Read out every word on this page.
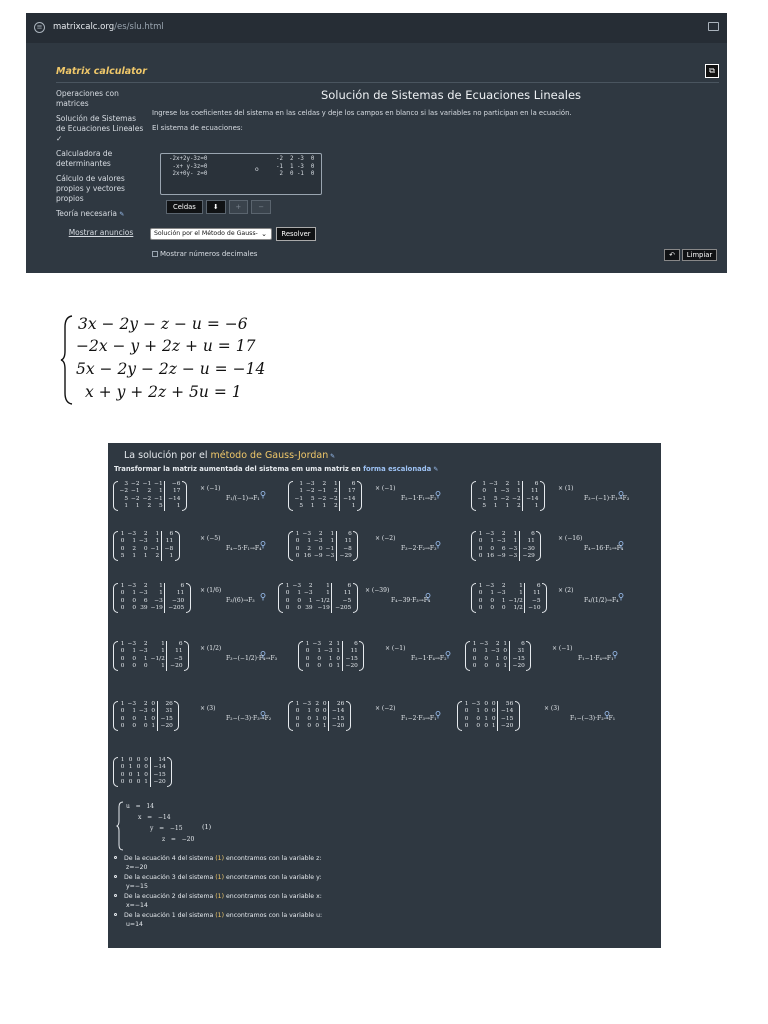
≡	matrixcalc.org/es/slu.html
Matrix calculator	⧉
Operaciones con matrices
Solución de Sistemas de Ecuaciones Lineales ✓
Calculadora de determinantes
Cálculo de valores propios y vectores propios
Teoría necesaria ✎
Mostrar anuncios
Solución de Sistemas de Ecuaciones Lineales
Ingrese los coeficientes del sistema en las celdas y deje los campos en blanco si las variables no participan en la ecuación.
El sistema de ecuaciones:
-2x+2y-3z=0
-x+ y-3z=0
2x+0y- z=0
o
-2  2 -3  0
-1  1 -3  0
2  0 -1  0
Celdas	⬇	+	−
Solución por el Método de Gauss- ⌄	Resolver
Mostrar números decimales	↶	Limpiar
3x − 2y − z − u = −6
−2x − y + 2z + u = 17
5x − 2y − 2z − u = −14
x + y + 2z + 5u = 1
La solución por el método de Gauss-Jordan ✎
Transformar la matriz aumentada del sistema em uma matriz en forma escalonada ✎
3	−2	−1	−1	−6
−2	−1	2	1	17
5	−2	−2	−1	−14
1	1	2	5	1
× (−1)
F₁/(−1)→F₁
1	−3	2	1	6
1	−2	−1	2	17
−1	5	−2	−2	−14
5	1	1	2	1
× (−1)
F₂−1·F₁→F₂
1	−3	2	1	6
0	1	−3	1	11
−1	5	−2	−2	−14
5	1	1	2	1
× (1)
F₃−(−1)·F₁→F₃
1	−3	2	1	6
0	1	−3	1	11
0	2	0	−1	−8
5	1	1	2	1
× (−5)
F₄−5·F₁→F₄
1	−3	2	1	6
0	1	−3	1	11
0	2	0	−1	−8
0	16	−9	−3	−29
× (−2)
F₃−2·F₂→F₃
1	−3	2	1	6
0	1	−3	1	11
0	0	6	−3	−30
0	16	−9	−3	−29
× (−16)
F₄−16·F₂→F₄
1	−3	2	1	6
0	1	−3	1	11
0	0	6	−3	−30
0	0	39	−19	−205
× (1/6)
F₃/(6)→F₃
1	−3	2	1	6
0	1	−3	1	11
0	0	1	−1/2	−5
0	0	39	−19	−205
× (−39)
F₄−39·F₃→F₄
1	−3	2	1	6
0	1	−3	1	11
0	0	1	−1/2	−5
0	0	0	1/2	−10
× (2)
F₄/(1/2)→F₄
1	−3	2	1	6
0	1	−3	1	11
0	0	1	−1/2	−5
0	0	0	1	−20
× (1/2)
F₃−(−1/2)·F₄→F₃
1	−3	2	1	6
0	1	−3	1	11
0	0	1	0	−15
0	0	0	1	−20
× (−1)
F₂−1·F₄→F₂
1	−3	2	1	6
0	1	−3	0	31
0	0	1	0	−15
0	0	0	1	−20
× (−1)
F₁−1·F₄→F₁
1	−3	2	0	26
0	1	−3	0	31
0	0	1	0	−15
0	0	0	1	−20
× (3)
F₂−(−3)·F₃→F₂
1	−3	2	0	26
0	1	0	0	−14
0	0	1	0	−15
0	0	0	1	−20
× (−2)
F₁−2·F₃→F₁
1	−3	0	0	56
0	1	0	0	−14
0	0	1	0	−15
0	0	0	1	−20
× (3)
F₁−(−3)·F₂→F₁
1	0	0	0	14
0	1	0	0	−14
0	0	1	0	−15
0	0	0	1	−20
u   =   14
x   =   −14
y   =   −15
z   =   −20
(1)
De la ecuación 4 del sistema (1) encontramos con la variable z:
z=−20
De la ecuación 3 del sistema (1) encontramos con la variable y:
y=−15
De la ecuación 2 del sistema (1) encontramos con la variable x:
x=−14
De la ecuación 1 del sistema (1) encontramos con la variable u:
u=14
